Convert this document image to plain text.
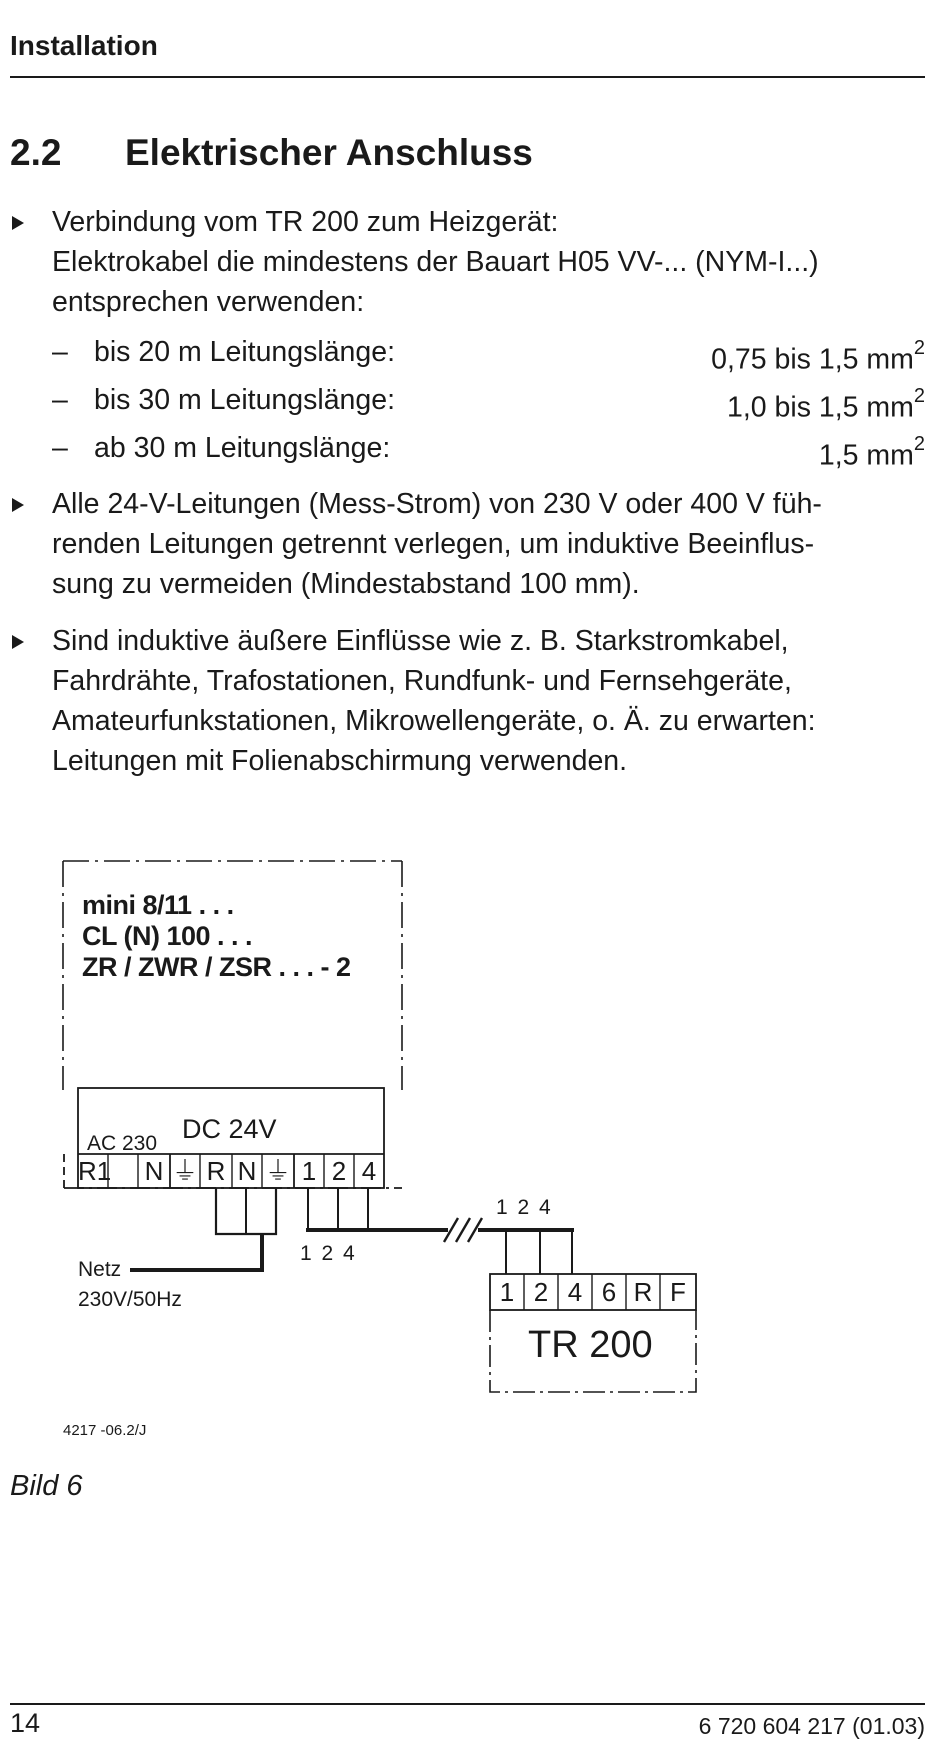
Installation
2.2 Elektrischer Anschluss
Verbindung vom TR 200 zum Heizgerät:
Elektrokabel die mindestens der Bauart H05 VV-... (NYM-I...)
entsprechen verwenden:
– bis 20 m Leitungslänge:	0,75 bis 1,5 $mm^2$
– bis 30 m Leitungslänge:	1,0 bis 1,5 $mm^2$
– ab 30 m Leitungslänge:	1,5 $mm^2$
Alle 24-V-Leitungen (Mess-Strom) von 230 V oder 400 V füh-
renden Leitungen getrennt verlegen, um induktive Beeinflus-
sung zu vermeiden (Mindestabstand 100 mm).
Sind induktive äußere Einflüsse wie z. B. Starkstromkabel,
Fahrdrähte, Trafostationen, Rundfunk- und Fernsehgeräte,
Amateurfunkstationen, Mikrowellengeräte, o. Ä. zu erwarten:
Leitungen mit Folienabschirmung verwenden.
mini 8/11 . . .
CL (N) 100 . . .
ZR / ZWR / ZSR . . . - 2
AC 230 DC 24V
R1 N ⏚ R N ⏚ 1 2 4
1 2 4
1 2 4
Netz
230V/50Hz	1 2 4 6 R F
TR 200
4217 -06.2/J
Bild 6
14	6 720 604 217 (01.03)
